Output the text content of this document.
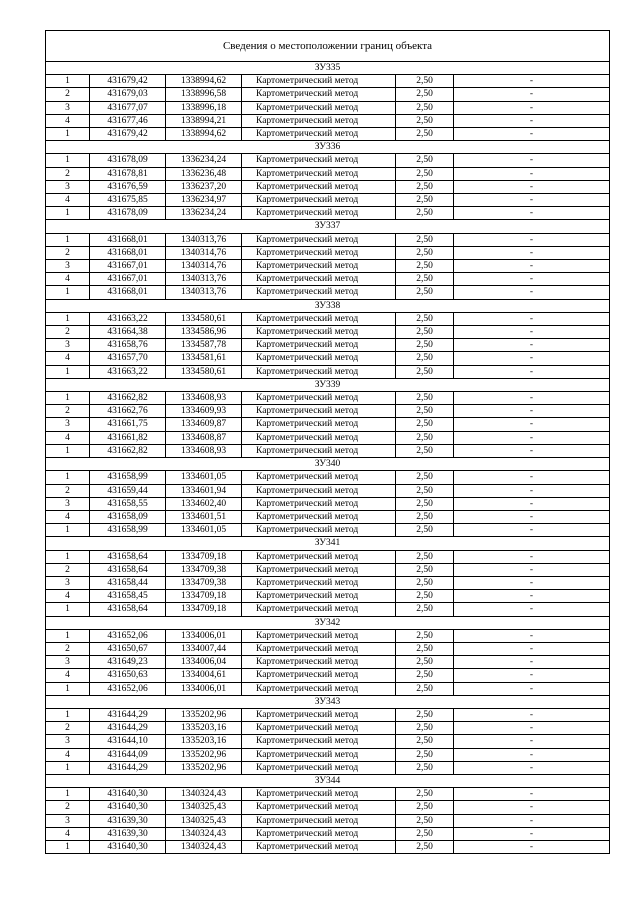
Сведения о местоположении границ объекта					
ЗУ335					
1	431679,42	1338994,62	Картометрический метод	2,50	-
2	431679,03	1338996,58	Картометрический метод	2,50	-
3	431677,07	1338996,18	Картометрический метод	2,50	-
4	431677,46	1338994,21	Картометрический метод	2,50	-
1	431679,42	1338994,62	Картометрический метод	2,50	-
ЗУ336					
1	431678,09	1336234,24	Картометрический метод	2,50	-
2	431678,81	1336236,48	Картометрический метод	2,50	-
3	431676,59	1336237,20	Картометрический метод	2,50	-
4	431675,85	1336234,97	Картометрический метод	2,50	-
1	431678,09	1336234,24	Картометрический метод	2,50	-
ЗУ337					
1	431668,01	1340313,76	Картометрический метод	2,50	-
2	431668,01	1340314,76	Картометрический метод	2,50	-
3	431667,01	1340314,76	Картометрический метод	2,50	-
4	431667,01	1340313,76	Картометрический метод	2,50	-
1	431668,01	1340313,76	Картометрический метод	2,50	-
ЗУ338					
1	431663,22	1334580,61	Картометрический метод	2,50	-
2	431664,38	1334586,96	Картометрический метод	2,50	-
3	431658,76	1334587,78	Картометрический метод	2,50	-
4	431657,70	1334581,61	Картометрический метод	2,50	-
1	431663,22	1334580,61	Картометрический метод	2,50	-
ЗУ339					
1	431662,82	1334608,93	Картометрический метод	2,50	-
2	431662,76	1334609,93	Картометрический метод	2,50	-
3	431661,75	1334609,87	Картометрический метод	2,50	-
4	431661,82	1334608,87	Картометрический метод	2,50	-
1	431662,82	1334608,93	Картометрический метод	2,50	-
ЗУ340					
1	431658,99	1334601,05	Картометрический метод	2,50	-
2	431659,44	1334601,94	Картометрический метод	2,50	-
3	431658,55	1334602,40	Картометрический метод	2,50	-
4	431658,09	1334601,51	Картометрический метод	2,50	-
1	431658,99	1334601,05	Картометрический метод	2,50	-
ЗУ341					
1	431658,64	1334709,18	Картометрический метод	2,50	-
2	431658,64	1334709,38	Картометрический метод	2,50	-
3	431658,44	1334709,38	Картометрический метод	2,50	-
4	431658,45	1334709,18	Картометрический метод	2,50	-
1	431658,64	1334709,18	Картометрический метод	2,50	-
ЗУ342					
1	431652,06	1334006,01	Картометрический метод	2,50	-
2	431650,67	1334007,44	Картометрический метод	2,50	-
3	431649,23	1334006,04	Картометрический метод	2,50	-
4	431650,63	1334004,61	Картометрический метод	2,50	-
1	431652,06	1334006,01	Картометрический метод	2,50	-
ЗУ343					
1	431644,29	1335202,96	Картометрический метод	2,50	-
2	431644,29	1335203,16	Картометрический метод	2,50	-
3	431644,10	1335203,16	Картометрический метод	2,50	-
4	431644,09	1335202,96	Картометрический метод	2,50	-
1	431644,29	1335202,96	Картометрический метод	2,50	-
ЗУ344					
1	431640,30	1340324,43	Картометрический метод	2,50	-
2	431640,30	1340325,43	Картометрический метод	2,50	-
3	431639,30	1340325,43	Картометрический метод	2,50	-
4	431639,30	1340324,43	Картометрический метод	2,50	-
1	431640,30	1340324,43	Картометрический метод	2,50	-
